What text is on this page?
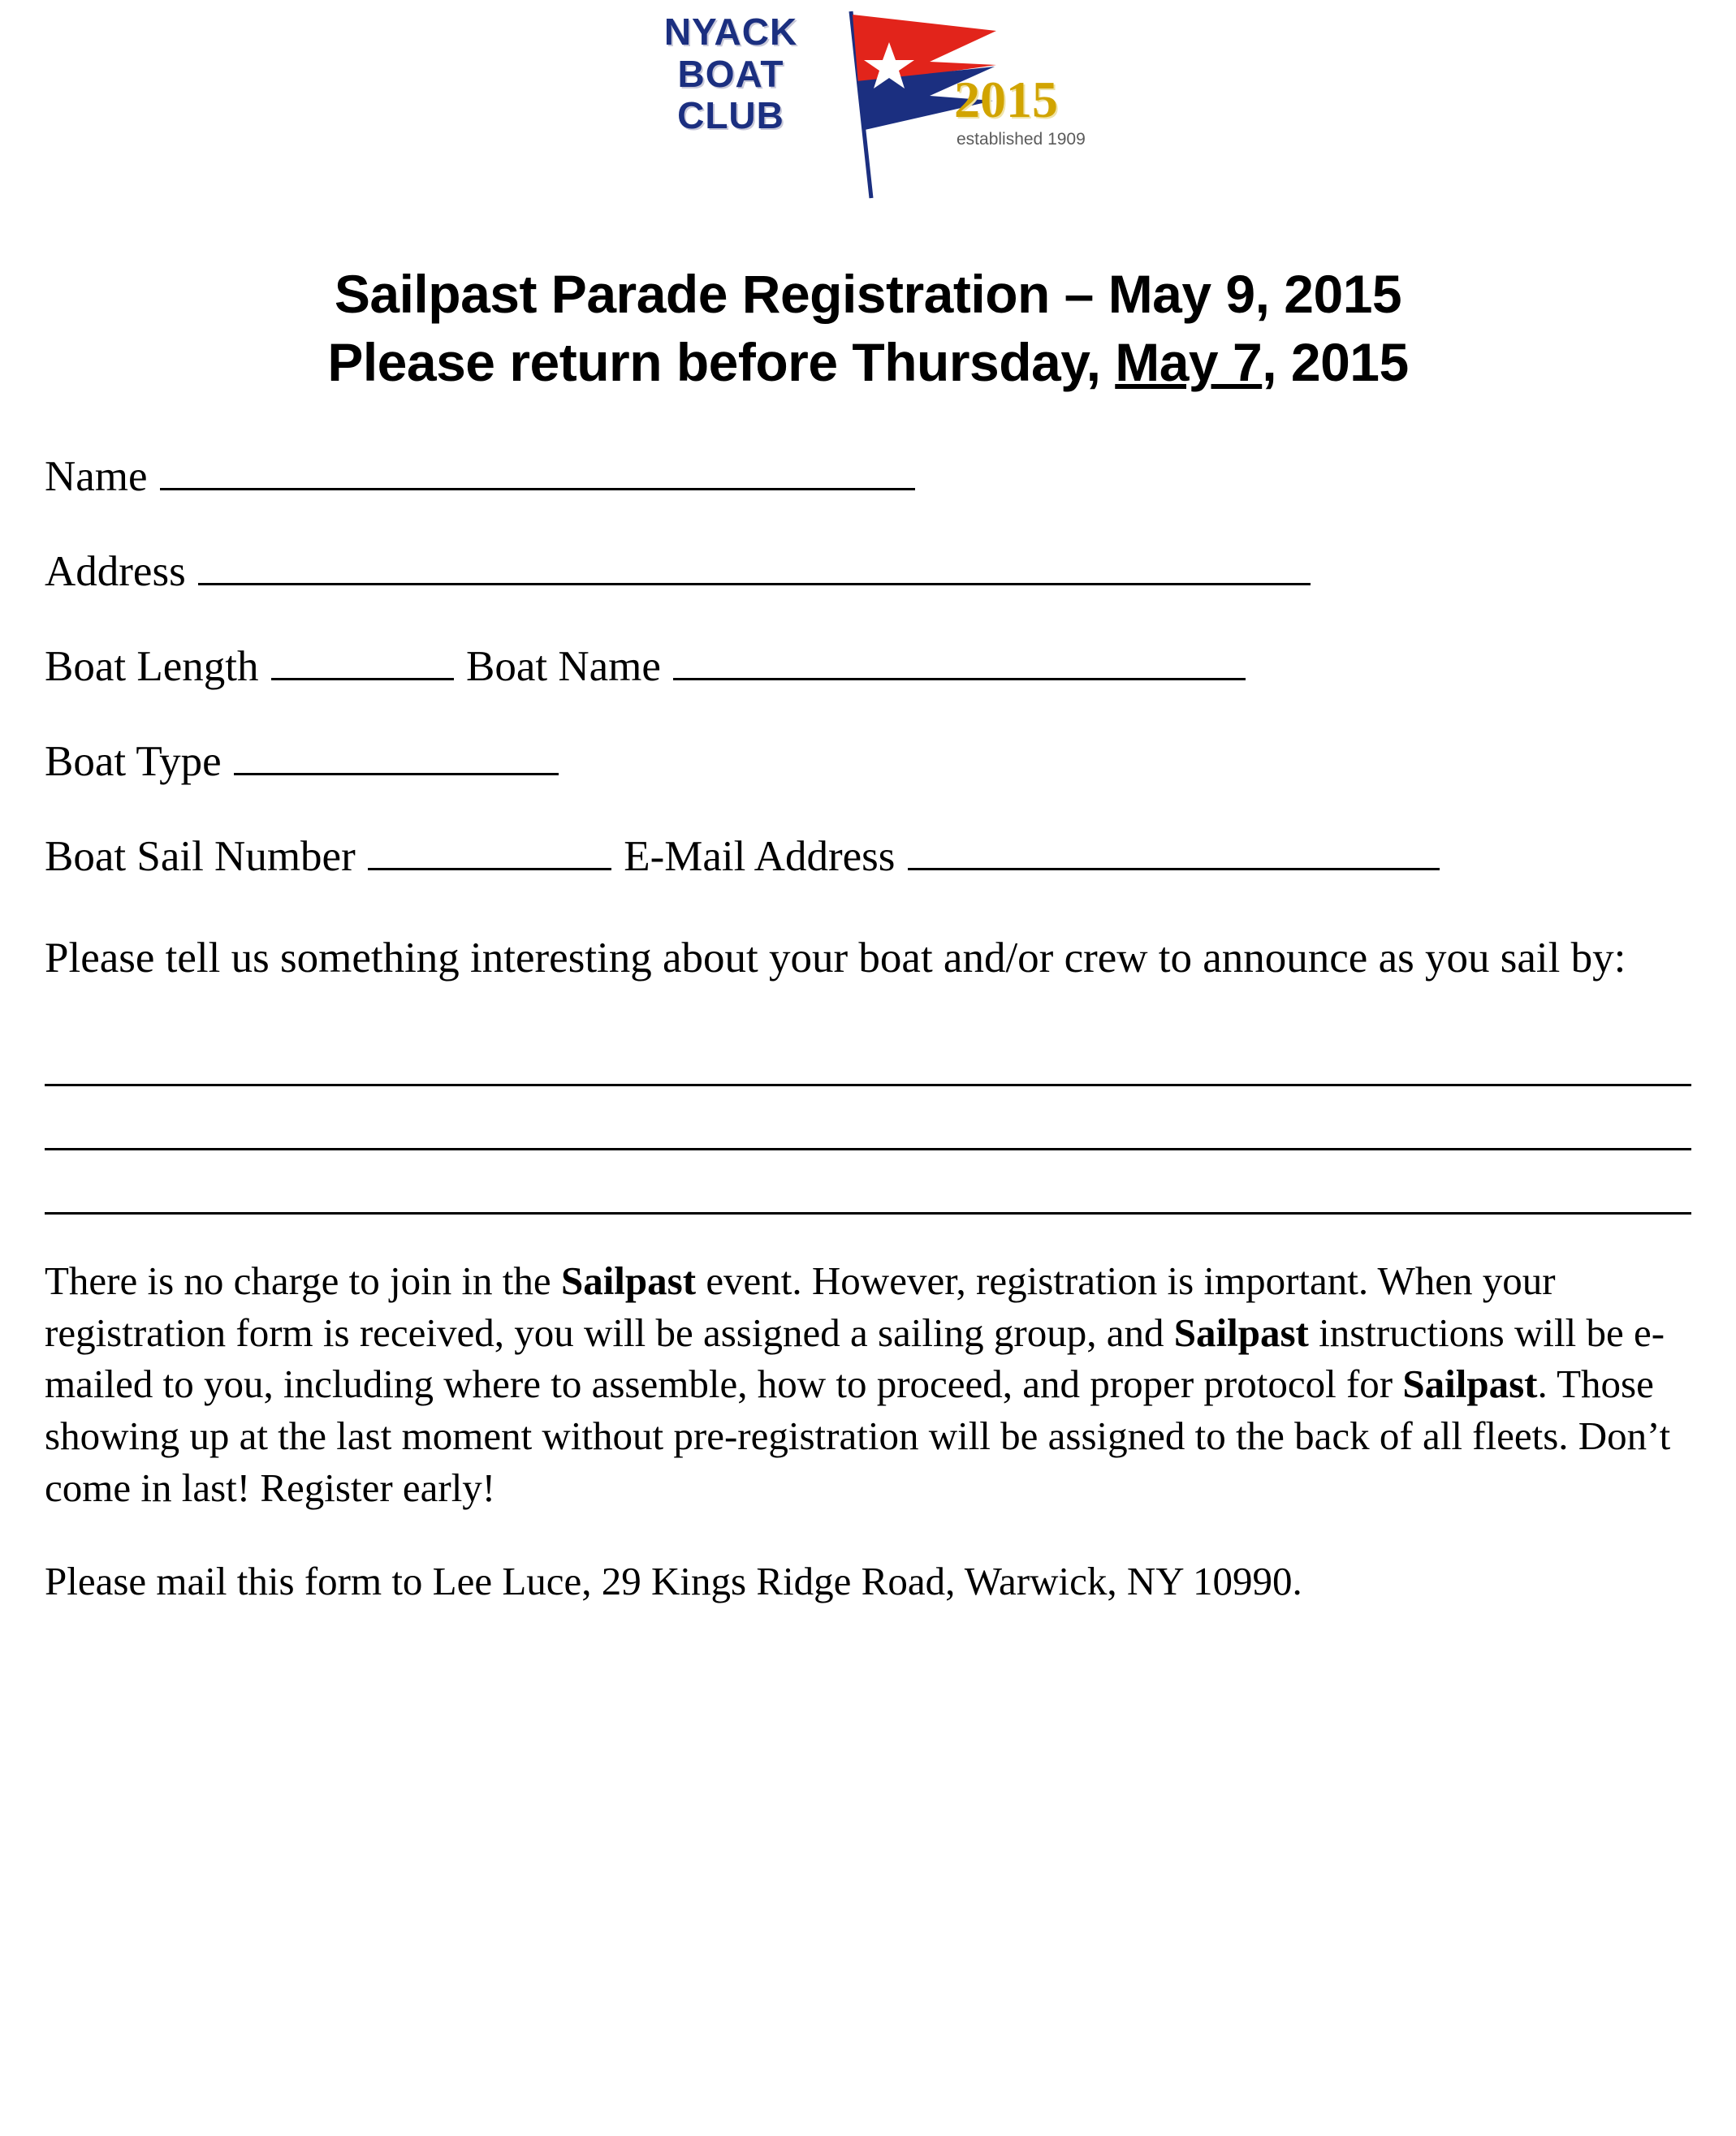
NYACK
BOAT
CLUB	2015
established 1909
Sailpast Parade Registration – May 9, 2015
Please return before Thursday, May 7, 2015
Name
Address
Boat Length	Boat Name
Boat Type
Boat Sail Number	E-Mail Address
Please tell us something interesting about your boat and/or crew to announce as you sail by:
There is no charge to join in the Sailpast event. However, registration is important. When your registration form is received, you will be assigned a sailing group, and Sailpast instructions will be e-mailed to you, including where to assemble, how to proceed, and proper protocol for Sailpast. Those showing up at the last moment without pre-registration will be assigned to the back of all fleets. Don’t come in last! Register early!
Please mail this form to Lee Luce, 29 Kings Ridge Road, Warwick, NY 10990.
